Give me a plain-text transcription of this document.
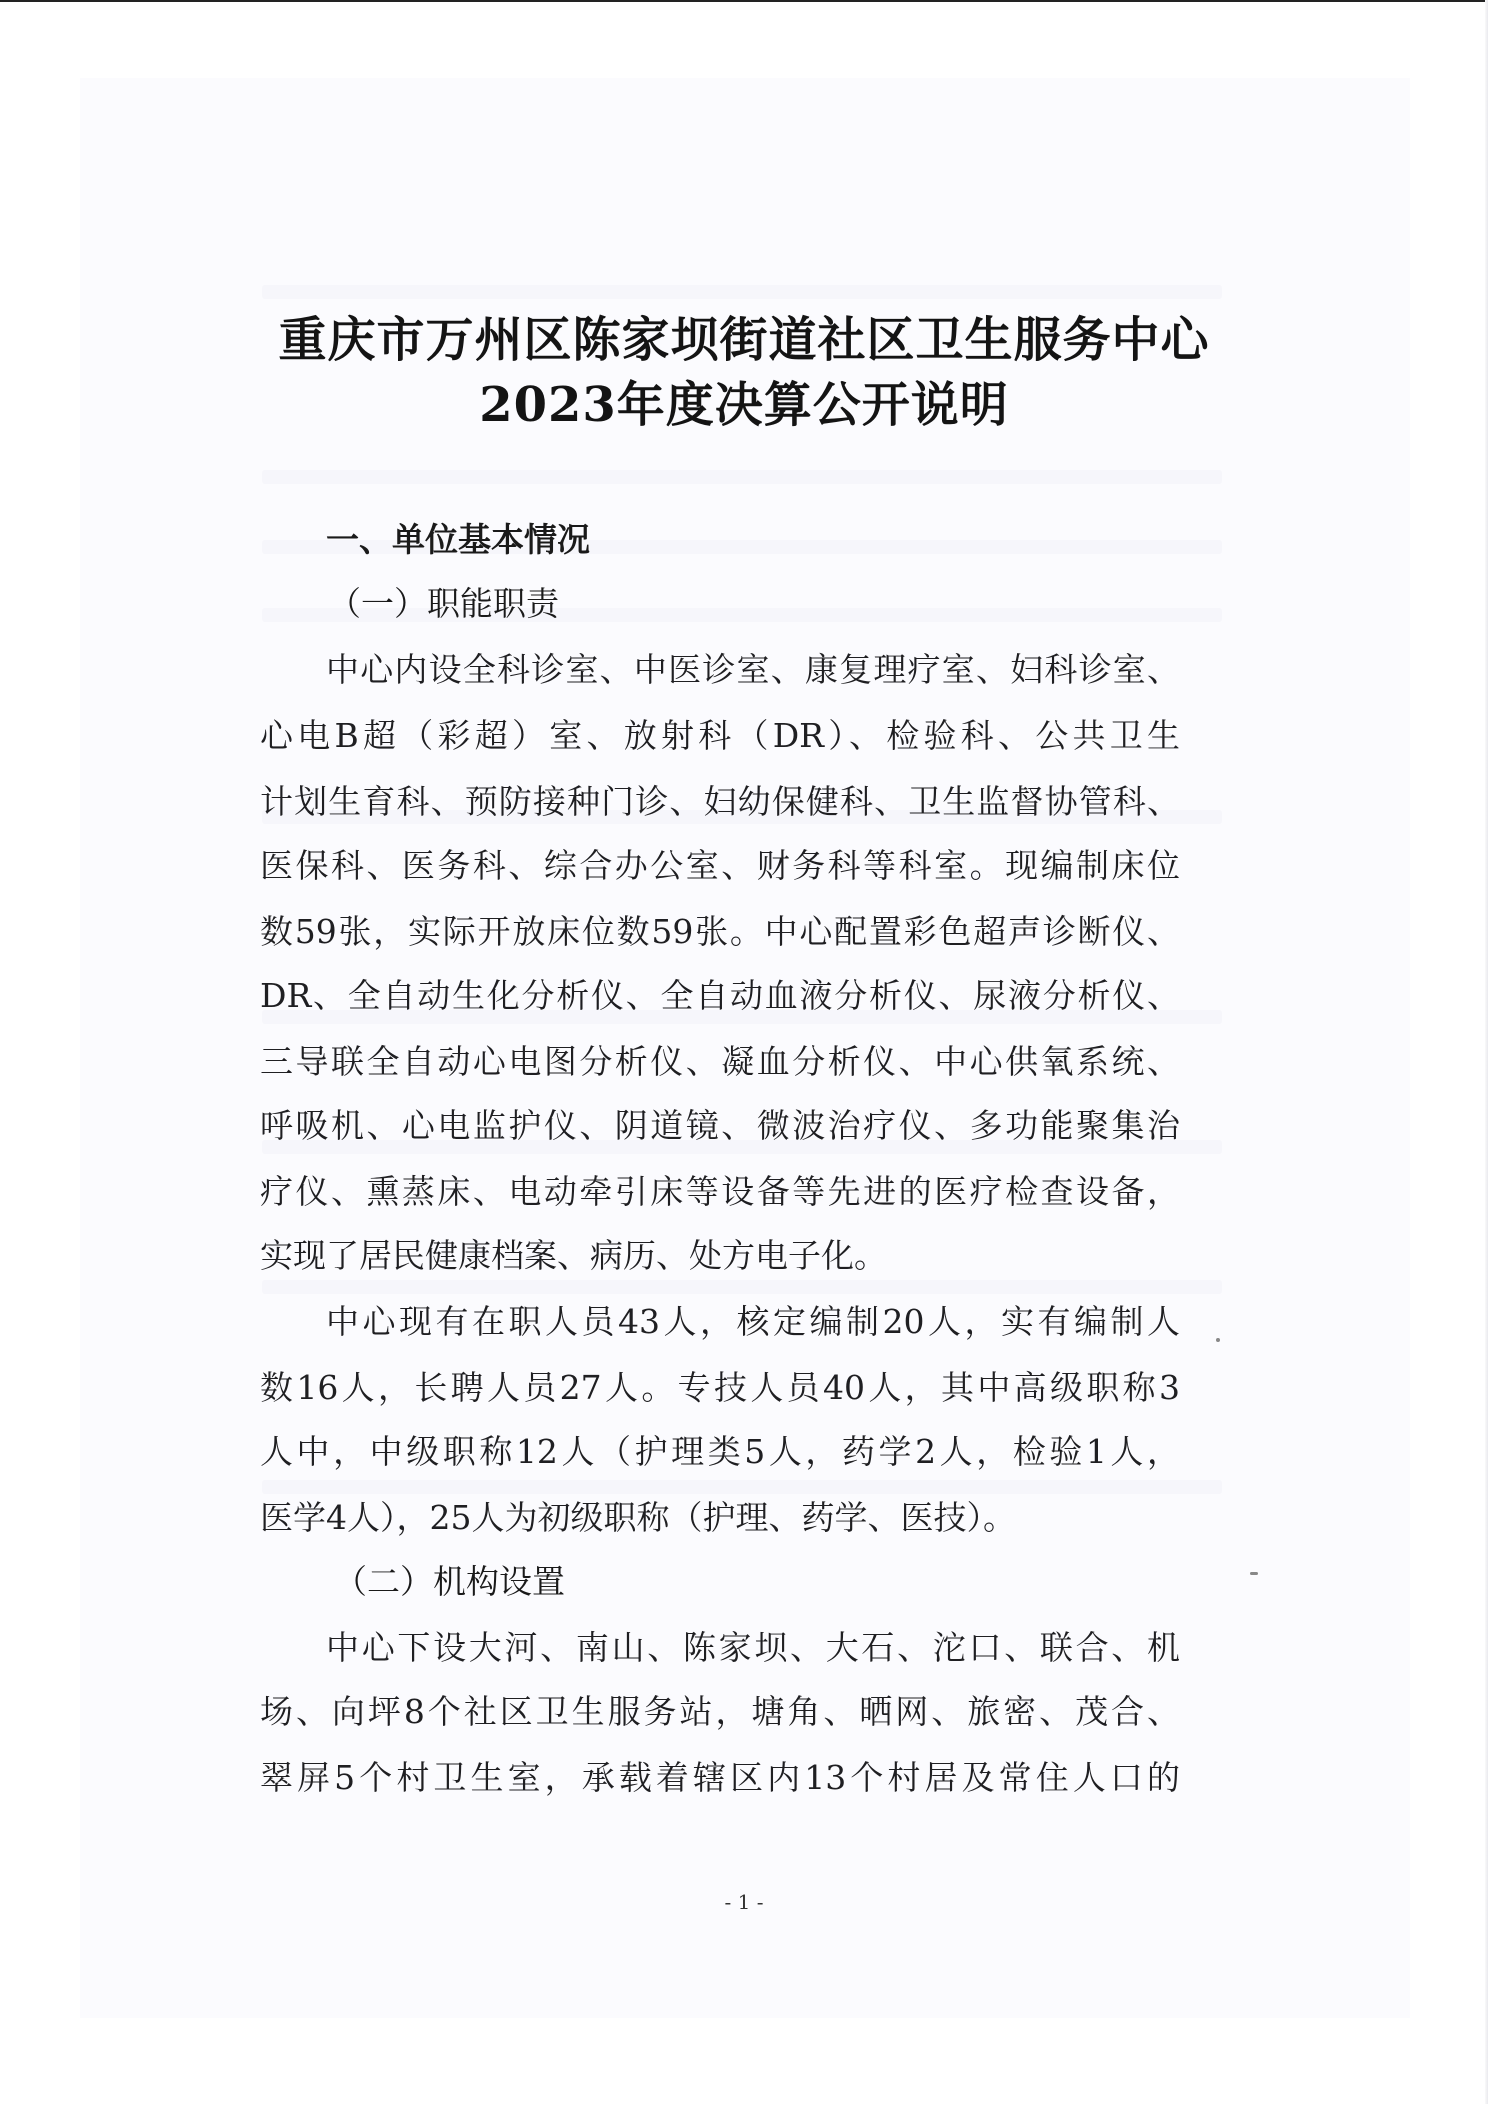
重庆市万州区陈家坝街道社区卫生服务中心
2023年度决算公开说明
一、单位基本情况
（一）职能职责
中心内设全科诊室、中医诊室、康复理疗室、妇科诊室、
心电B超（彩超）室、放射科（DR）、检验科、公共卫生
计划生育科、预防接种门诊、妇幼保健科、卫生监督协管科、
医保科、医务科、综合办公室、财务科等科室。现编制床位
数59张，实际开放床位数59张。中心配置彩色超声诊断仪、
DR、全自动生化分析仪、全自动血液分析仪、尿液分析仪、
三导联全自动心电图分析仪、凝血分析仪、中心供氧系统、
呼吸机、心电监护仪、阴道镜、微波治疗仪、多功能聚集治
疗仪、熏蒸床、电动牵引床等设备等先进的医疗检查设备，
实现了居民健康档案、病历、处方电子化。
中心现有在职人员43人，核定编制20人，实有编制人
数16人，长聘人员27人。专技人员40人，其中高级职称3
人中，中级职称12人（护理类5人，药学2人，检验1人，
医学4人），25人为初级职称（护理、药学、医技）。
（二）机构设置
中心下设大河、南山、陈家坝、大石、沱口、联合、机
场、向坪8个社区卫生服务站，塘角、晒网、旅密、茂合、
翠屏5个村卫生室，承载着辖区内13个村居及常住人口的
- 1 -
